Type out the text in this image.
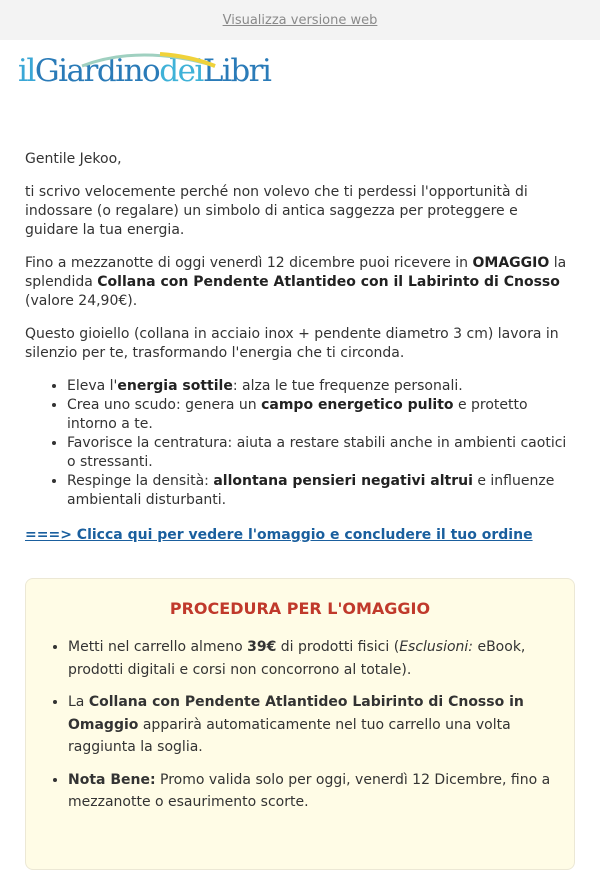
Visualizza versione web
ilGiardinodeiLibri

Gentile Jekoo,

ti scrivo velocemente perché non volevo che ti perdessi l'opportunità di indossare (o regalare) un simbolo di antica saggezza per proteggere e guidare la tua energia.

Fino a mezzanotte di oggi venerdì 12 dicembre puoi ricevere in OMAGGIO la splendida Collana con Pendente Atlantideo con il Labirinto di Cnosso (valore 24,90€).

Questo gioiello (collana in acciaio inox + pendente diametro 3 cm) lavora in silenzio per te, trasformando l'energia che ti circonda.

• Eleva l'energia sottile: alza le tue frequenze personali.
• Crea uno scudo: genera un campo energetico pulito e protetto intorno a te.
• Favorisce la centratura: aiuta a restare stabili anche in ambienti caotici o stressanti.
• Respinge la densità: allontana pensieri negativi altrui e influenze ambientali disturbanti.
===> Clicca qui per vedere l'omaggio e concludere il tuo ordine
PROCEDURA PER L'OMAGGIO
• Metti nel carrello almeno 39€ di prodotti fisici (Esclusioni: eBook, prodotti digitali e corsi non concorrono al totale).
• La Collana con Pendente Atlantideo Labirinto di Cnosso in Omaggio apparirà automaticamente nel tuo carrello una volta raggiunta la soglia.
• Nota Bene: Promo valida solo per oggi, venerdì 12 Dicembre, fino a mezzanotte o esaurimento scorte.
